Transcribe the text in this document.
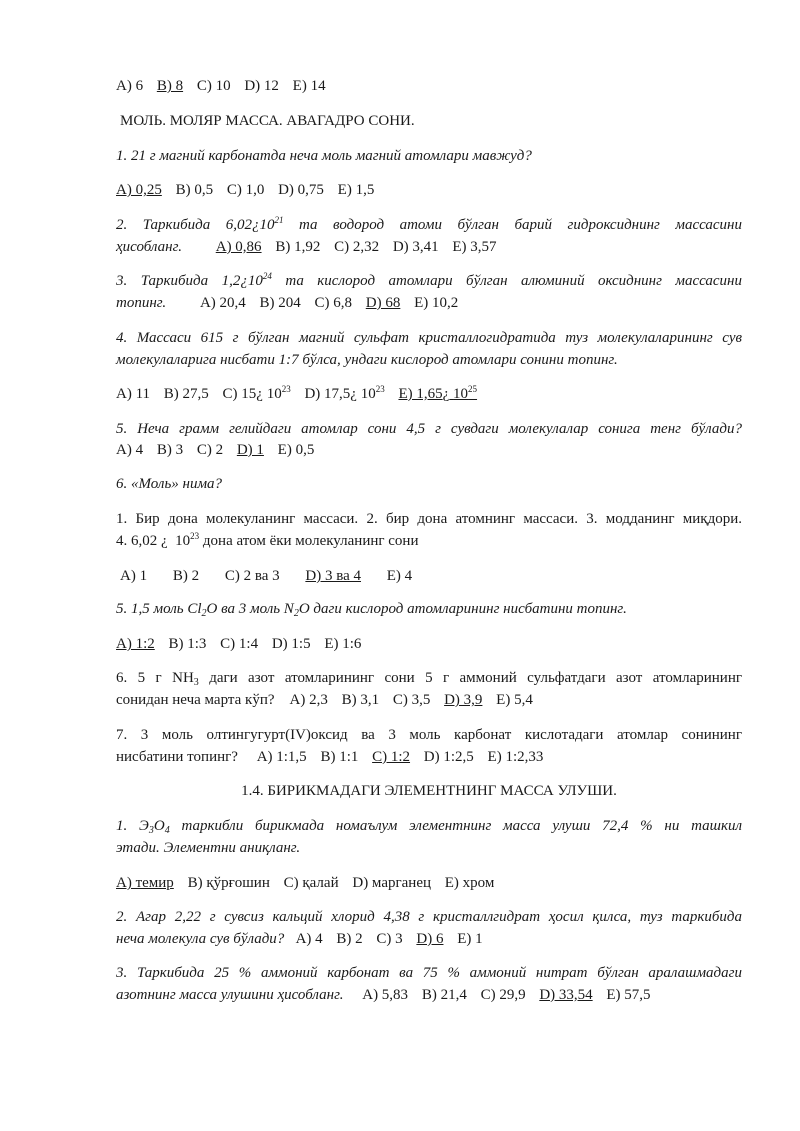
A) 6 B) 8 C) 10 D) 12 E) 14
МОЛЬ. МОЛЯР МАССА. АВАГАДРО СОНИ.
1. 21 г магний карбонатда неча моль магний атомлари мавжуд?
A) 0,25 B) 0,5 C) 1,0 D) 0,75 E) 1,5
2. Таркибида $6,02¿10^{21}$ та водород атоми бўлган барий гидроксиднинг массасини
ҳисобланг. A) 0,86 B) 1,92 C) 2,32 D) 3,41 E) 3,57
3. Таркибида $1,2¿10^{24}$ та кислород атомлари бўлган алюминий оксиднинг массасини
топинг. A) 20,4 B) 204 C) 6,8 D) 68 E) 10,2
4. Массаси 615 г бўлган магний сульфат кристаллогидратида туз молекулаларининг сув
молекулаларига нисбати 1:7 бўлса, ундаги кислород атомлари сонини топинг.
A) 11 B) 27,5 C) 15¿ $10^{23}$ D) 17,5¿ $10^{23}$ E) 1,65¿ $10^{25}$
5. Неча грамм гелийдаги атомлар сони 4,5 г сувдаги молекулалар сонига тенг бўлади?
A) 4 B) 3 C) 2 D) 1 E) 0,5
6. «Моль» нима?
1. Бир дона молекуланинг массаси. 2. бир дона атомнинг массаси. 3. модданинг миқдори.
4. 6,02 ¿ $10^{23}$ дона атом ёки молекуланинг сони
A) 1 B) 2 C) 2 ва 3 D) 3 ва 4 E) 4
5. 1,5 моль $Cl_2O$ ва 3 моль $N_2O$ даги кислород атомларининг нисбатини топинг.
A) 1:2 B) 1:3 C) 1:4 D) 1:5 E) 1:6
6. 5 г $NH_3$ даги азот атомларининг сони 5 г аммоний сульфатдаги азот атомларининг
сонидан неча марта кўп? A) 2,3 B) 3,1 C) 3,5 D) 3,9 E) 5,4
7. 3 моль олтингугурт(IV)оксид ва 3 моль карбонат кислотадаги атомлар сонининг
нисбатини топинг? A) 1:1,5 B) 1:1 C) 1:2 D) 1:2,5 E) 1:2,33
1.4. БИРИКМАДАГИ ЭЛЕМЕНТНИНГ МАССА УЛУШИ.
1. $Э_3O_4$ таркибли бирикмада номаълум элементнинг масса улуши 72,4 % ни ташкил
этади. Элементни аниқланг.
A) темир B) қўрғошин C) қалай D) марганец E) хром
2. Агар 2,22 г сувсиз кальций хлорид 4,38 г кристаллгидрат ҳосил қилса, туз таркибида
неча молекула сув бўлади? A) 4 B) 2 C) 3 D) 6 E) 1
3. Таркибида 25 % аммоний карбонат ва 75 % аммоний нитрат бўлган аралашмадаги
азотнинг масса улушини ҳисобланг. A) 5,83 B) 21,4 C) 29,9 D) 33,54 E) 57,5
